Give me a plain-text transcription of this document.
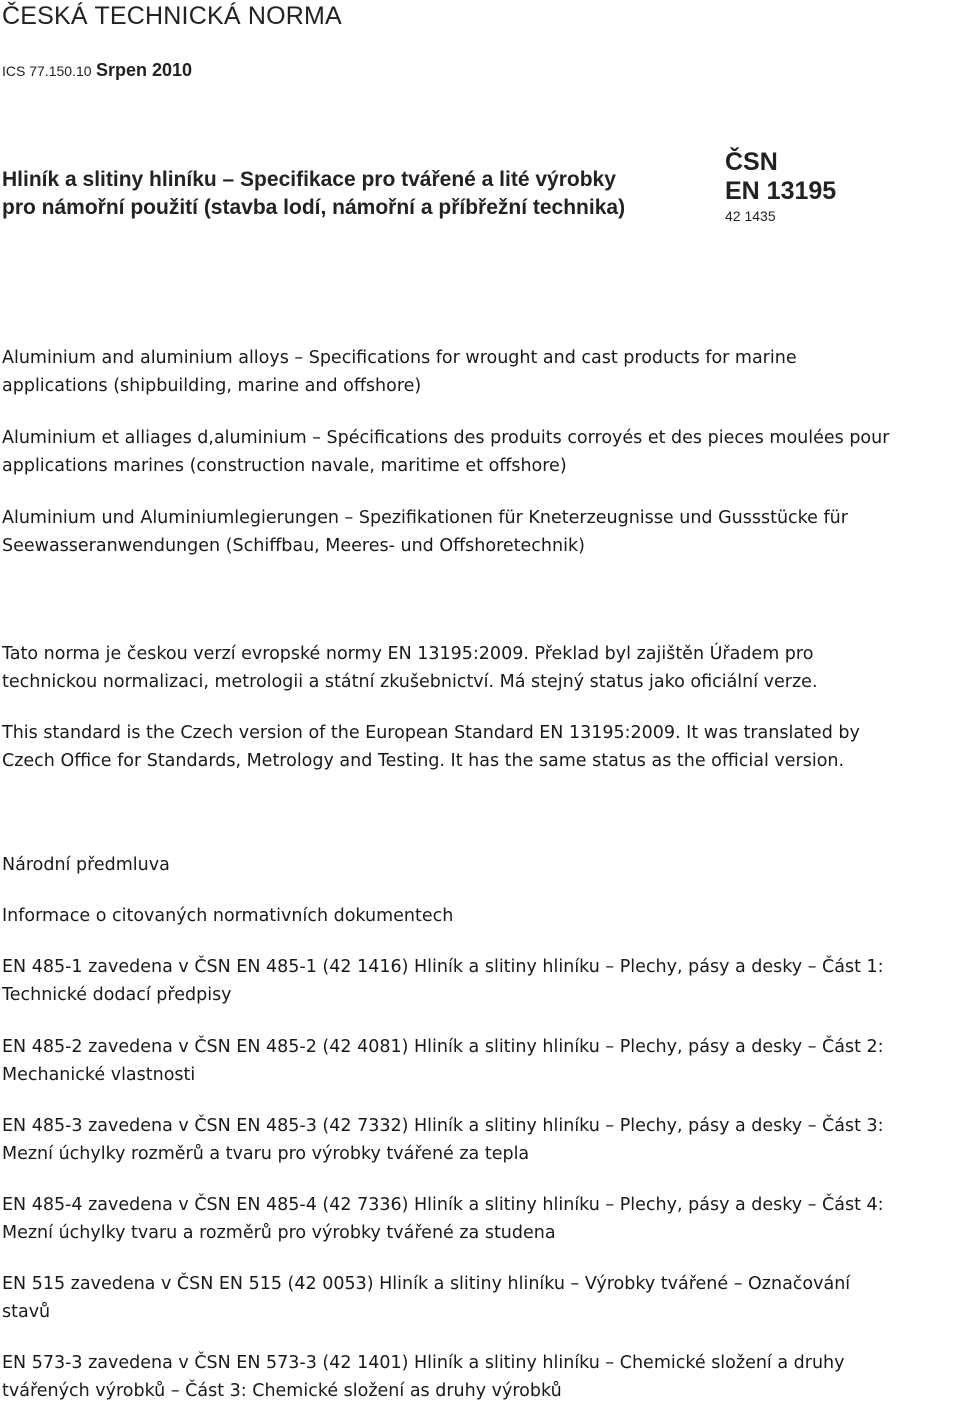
ČESKÁ TECHNICKÁ NORMA
ICS 77.150.10 Srpen 2010
Hliník a slitiny hliníku – Specifikace pro tvářené a lité výrobky
pro námořní použití (stavba lodí, námořní a příbřežní technika)
ČSN
EN 13195
42 1435
Aluminium and aluminium alloys – Specifications for wrought and cast products for marine
applications (shipbuilding, marine and offshore)
Aluminium et alliages d,aluminium – Spécifications des produits corroyés et des pieces moulées pour
applications marines (construction navale, maritime et offshore)
Aluminium und Aluminiumlegierungen – Spezifikationen für Kneterzeugnisse und Gussstücke für
Seewasseranwendungen (Schiffbau, Meeres- und Offshoretechnik)
Tato norma je českou verzí evropské normy EN 13195:2009. Překlad byl zajištěn Úřadem pro
technickou normalizaci, metrologii a státní zkušebnictví. Má stejný status jako oficiální verze.
This standard is the Czech version of the European Standard EN 13195:2009. It was translated by
Czech Office for Standards, Metrology and Testing. It has the same status as the official version.
Národní předmluva
Informace o citovaných normativních dokumentech
EN 485-1 zavedena v ČSN EN 485-1 (42 1416) Hliník a slitiny hliníku – Plechy, pásy a desky – Část 1:
Technické dodací předpisy
EN 485-2 zavedena v ČSN EN 485-2 (42 4081) Hliník a slitiny hliníku – Plechy, pásy a desky – Část 2:
Mechanické vlastnosti
EN 485-3 zavedena v ČSN EN 485-3 (42 7332) Hliník a slitiny hliníku – Plechy, pásy a desky – Část 3:
Mezní úchylky rozměrů a tvaru pro výrobky tvářené za tepla
EN 485-4 zavedena v ČSN EN 485-4 (42 7336) Hliník a slitiny hliníku – Plechy, pásy a desky – Část 4:
Mezní úchylky tvaru a rozměrů pro výrobky tvářené za studena
EN 515 zavedena v ČSN EN 515 (42 0053) Hliník a slitiny hliníku – Výrobky tvářené – Označování
stavů
EN 573-3 zavedena v ČSN EN 573-3 (42 1401) Hliník a slitiny hliníku – Chemické složení a druhy
tvářených výrobků – Část 3: Chemické složení as druhy výrobků
